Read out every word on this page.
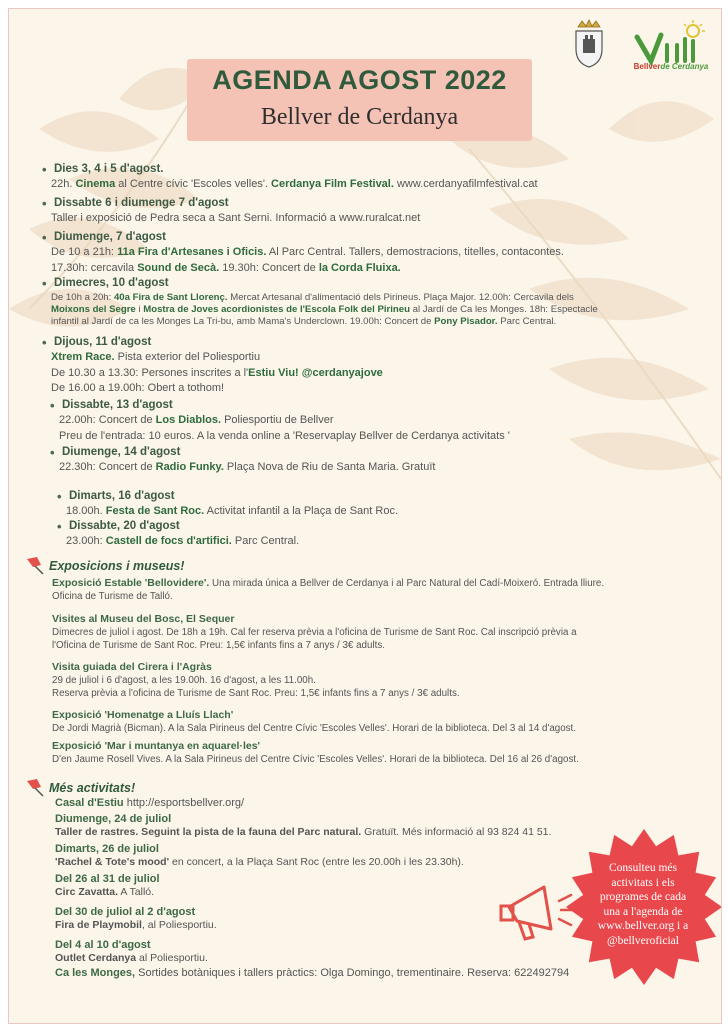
AGENDA AGOST 2022
Bellver de Cerdanya
Bellverde Cerdanya
• Dies 3, 4 i 5 d'agost.
22h. Cinema al Centre cívic 'Escoles velles'. Cerdanya Film Festival. www.cerdanyafilmfestival.cat
• Dissabte 6 i diumenge 7 d'agost
Taller i exposició de Pedra seca a Sant Serni. Informació a www.ruralcat.net
• Diumenge, 7 d'agost
De 10 a 21h: 11a Fira d'Artesanes i Oficis. Al Parc Central. Tallers, demostracions, titelles, contacontes.
17.30h: cercavila Sound de Secà. 19.30h: Concert de la Corda Fluixa.
• Dimecres, 10 d'agost
De 10h a 20h: 40a Fira de Sant Llorenç. Mercat Artesanal d'alimentació dels Pirineus. Plaça Major. 12.00h: Cercavila dels
Moixons del Segre i Mostra de Joves acordionistes de l'Escola Folk del Pirineu al Jardí de Ca les Monges. 18h: Espectacle
infantil al Jardí de ca les Monges La Tri-bu, amb Mama's Underclown. 19.00h: Concert de Pony Pisador. Parc Central.
• Dijous, 11 d'agost
Xtrem Race. Pista exterior del Poliesportiu
De 10.30 a 13.30: Persones inscrites a l'Estiu Viu! @cerdanyajove
De 16.00 a 19.00h: Obert a tothom!
• Dissabte, 13 d'agost
22.00h: Concert de Los Diablos. Poliesportiu de Bellver
Preu de l'entrada: 10 euros. A la venda online a 'Reservaplay Bellver de Cerdanya activitats '
• Diumenge, 14 d'agost
22.30h: Concert de Radio Funky. Plaça Nova de Riu de Santa Maria. Gratuït
• Dimarts, 16 d'agost
18.00h. Festa de Sant Roc. Activitat infantil a la Plaça de Sant Roc.
• Dissabte, 20 d'agost
23.00h: Castell de focs d'artifici. Parc Central.
Exposicions i museus!
Exposició Estable 'Bellovidere'. Una mirada única a Bellver de Cerdanya i al Parc Natural del Cadí-Moixeró. Entrada lliure.
Oficina de Turisme de Talló.
Visites al Museu del Bosc, El Sequer
Dimecres de juliol i agost. De 18h a 19h. Cal fer reserva prèvia a l'oficina de Turisme de Sant Roc. Cal inscripció prèvia a
l'Oficina de Turisme de Sant Roc. Preu: 1,5€ infants fins a 7 anys / 3€ adults.
Visita guiada del Cirera i l'Agràs
29 de juliol i 6 d'agost, a les 19.00h. 16 d'agost, a les 11.00h.
Reserva prèvia a l'oficina de Turisme de Sant Roc. Preu: 1,5€ infants fins a 7 anys / 3€ adults.
Exposició 'Homenatge a Lluís Llach'
De Jordi Magrià (Bicman). A la Sala Pirineus del Centre Cívic 'Escoles Velles'. Horari de la biblioteca. Del 3 al 14 d'agost.
Exposició 'Mar i muntanya en aquarel·les'
D'en Jaume Rosell Vives. A la Sala Pirineus del Centre Cívic 'Escoles Velles'. Horari de la biblioteca. Del 16 al 26 d'agost.
Més activitats!
Casal d'Estiu http://esportsbellver.org/
Diumenge, 24 de juliol
Taller de rastres. Seguint la pista de la fauna del Parc natural. Gratuït. Més informació al 93 824 41 51.
Dimarts, 26 de juliol
'Rachel & Tote's mood' en concert, a la Plaça Sant Roc (entre les 20.00h i les 23.30h).
Del 26 al 31 de juliol
Circ Zavatta. A Talló.
Del 30 de juliol al 2 d'agost
Fira de Playmobil, al Poliesportiu.
Del 4 al 10 d'agost
Outlet Cerdanya al Poliesportiu.
Ca les Monges, Sortides botàniques i tallers pràctics: Olga Domingo, trementinaire. Reserva: 622492794
Consulteu més
activitats i els
programes de cada
una a l'agenda de
www.bellver.org i a
@bellveroficial
